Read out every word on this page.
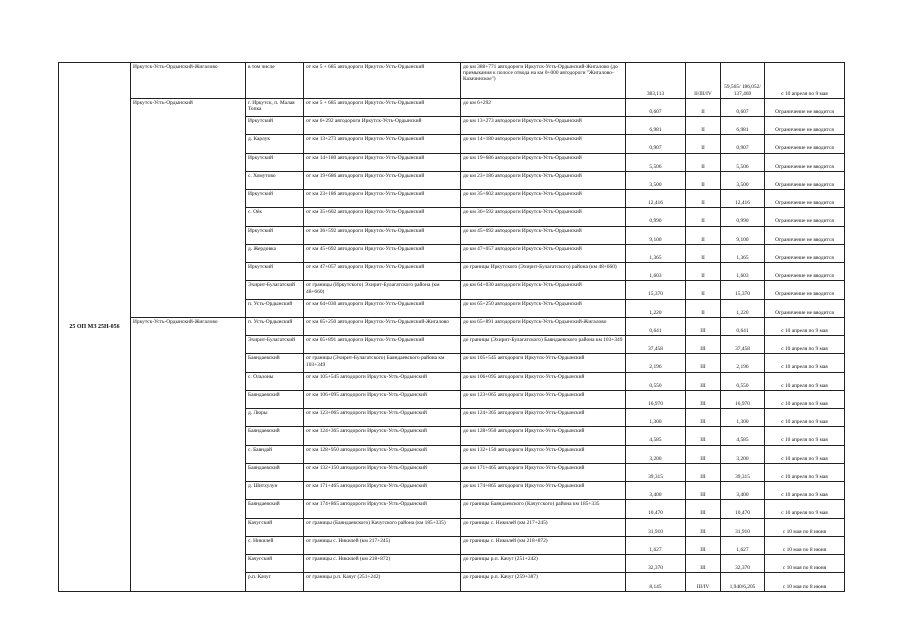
25 ОП МЗ 25Н-056	Иркутск-Усть-Ордынский-Жигалово	в том числе	от км 5 + 685 автодороги Иркутск-Усть-Ордынский	до км 388+771 автодороги Иркутск-Усть-Ордынский-Жигалово (до примыкания к полосе отвода на км 0+000 автодороги "Жигалово-Казачинское")	383,113	II/III/IV	59,565/ 186,052/ 137,469	с 10 апреля по 9 мая
	Иркутск-Усть-Ордынский	г. Иркутск, п. Малая Топка	от км 5 + 685 автодороги Иркутск-Усть-Ордынский	до км 6+292	0,607	II	0,607	Ограничение не вводится
		Иркутский	от км 6+292 автодороги Иркутск-Усть-Ордынский	до км 13+273 автодороги Иркутск-Усть-Ордынский	6,981	II	6,981	Ограничение не вводится
		д. Карлук	от км 13+273 автодороги Иркутск-Усть-Ордынский	до км 14+180 автодороги Иркутск-Усть-Ордынский	0,907	II	0,907	Ограничение не вводится
		Иркутский	от км 14+180 автодороги Иркутск-Усть-Ордынский	до км 19+686 автодороги Иркутск-Усть-Ордынский	5,506	II	5,506	Ограничение не вводится
		с. Хомутово	от км 19+686 автодороги Иркутск-Усть-Ордынский	до км 23+186 автодороги Иркутск-Усть-Ордынский	3,500	II	3,500	Ограничение не вводится
		Иркутский	от км 23+186 автодороги Иркутск-Усть-Ордынский	до км 35+602 автодороги Иркутск-Усть-Ордынский	12,416	II	12,416	Ограничение не вводится
		с. Оёк	от км 35+602 автодороги Иркутск-Усть-Ордынский	до км 36+592 автодороги Иркутск-Усть-Ордынский	0,990	II	0,990	Ограничение не вводится
		Иркутский	от км 36+592 автодороги Иркутск-Усть-Ордынский	до км 45+692 автодороги Иркутск-Усть-Ордынский	9,100	II	9,100	Ограничение не вводится
		д. Жердовка	от км 45+692 автодороги Иркутск-Усть-Ордынский	до км 47+057 автодороги Иркутск-Усть-Ордынский	1,365	II	1,365	Ограничение не вводится
		Иркутский	от км 47+057 автодороги Иркутск-Усть-Ордынский	до границы Иркутского (Эхирит-Булагатского) района (км 48+660)	1,603	II	1,603	Ограничение не вводится
		Эхирит-Булагатский	от границы (Иркутского) Эхирит-Булагатского района (км 48+660)	до км 64+030 автодороги Иркутск-Усть-Ордынский	15,370	II	15,370	Ограничение не вводится
		п. Усть-Ордынский	от км 64+030 автодороги Иркутск-Усть-Ордынский	до км 65+250 автодороги Иркутск-Усть-Ордынский	1,220	II	1,220	Ограничение не вводится
	Иркутск-Усть-Ордынский-Жигалово	п. Усть-Ордынский	от км 65+250 автодороги Иркутск-Усть-Ордынский-Жигалово	до км 65+891 автодороги Иркутск-Усть-Ордынский-Жигалово	0,641	III	0,641	с 10 апреля по 9 мая
		Эхирит-Булагатский	от км 65+891 автодороги Иркутск-Усть-Ордынский	до границы (Эхирит-Булагатского) Баяндаевского района км 103+349	37,458	III	37,458	с 10 апреля по 9 мая
		Баяндаевский	от границы (Эхирит-Булагатского) Баяндаевского района км 103+349	до км 105+545 автодороги Иркутск-Усть-Ордынский	2,196	III	2,196	с 10 апреля по 9 мая
		с. Ользоны	от км 105+545 автодороги Иркутск-Усть-Ордынский	до км 106+095 автодороги Иркутск-Усть-Ордынский	0,550	III	0,550	с 10 апреля по 9 мая
		Баяндаевский	от км 106+095 автодороги Иркутск-Усть-Ордынский	до км 123+065 автодороги Иркутск-Усть-Ордынский	16,970	III	16,970	с 10 апреля по 9 мая
		д. Люры	от км 123+065 автодороги Иркутск-Усть-Ордынский	до км 124+365 автодороги Иркутск-Усть-Ордынский	1,300	III	1,300	с 10 апреля по 9 мая
		Баяндаевский	от км 124+365 автодороги Иркутск-Усть-Ордынский	до км 128+950 автодороги Иркутск-Усть-Ордынский	4,585	III	4,585	с 10 апреля по 9 мая
		с. Баяндай	от км 128+950 автодороги Иркутск-Усть-Ордынский	до км 132+150 автодороги Иркутск-Усть-Ордынский	3,200	III	3,200	с 10 апреля по 9 мая
		Баяндаевский	от км 132+150 автодороги Иркутск-Усть-Ордынский	до км 171+465 автодороги Иркутск-Усть-Ордынский	39,315	III	39,315	с 10 апреля по 9 мая
		д. Шитхулун	от км 171+465 автодороги Иркутск-Усть-Ордынский	до км 174+865 автодороги Иркутск-Усть-Ордынский	3,400	III	3,400	с 10 апреля по 9 мая
		Баяндаевский	от км 174+865 автодороги Иркутск-Усть-Ордынский	до границы Баяндаевского (Качугского) района км 185+335	10,470	III	10,470	с 10 апреля по 9 мая
		Качугский	от границы (Баяндаевского) Качугского района (км 185+335)	до границы с. Никилей (км 217+245)	31,910	III	31,910	с 10 мая по 8 июня
		с. Никилей	от границы с. Никилей (км 217+245)	до границы с. Никилей (км 218+872)	1,627	III	1,627	с 10 мая по 8 июня
		Качугский	от границы с. Никилей (км 218+872)	до границы р.п. Качуг (251+242)	32,370	III	32,370	с 10 мая по 8 июня
		р.п. Качуг	от границы р.п. Качуг (251+242)	до границы р.п. Качуг (259+387)	8,145	III/IV	1,940/6,205	с 10 мая по 8 июня
